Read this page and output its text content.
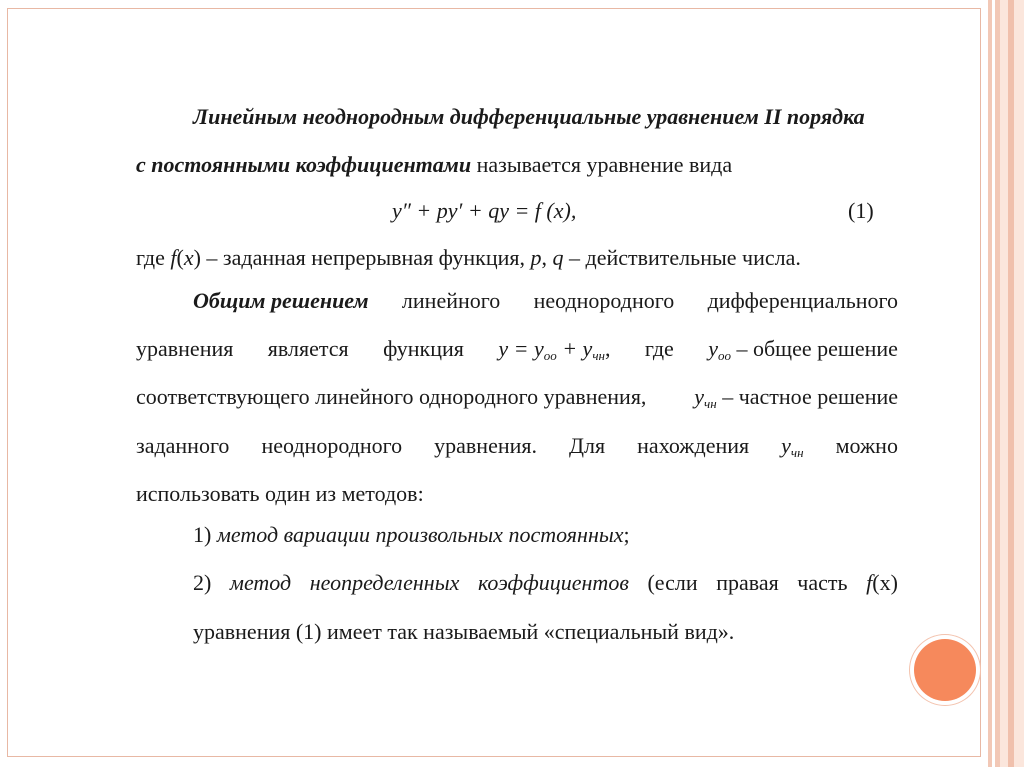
Линейным неоднородным дифференциальные уравнением II порядка
с постоянными коэффициентами называется уравнение вида
y″ + py′ + qy = f (x),	(1)
где f(x) – заданная непрерывная функция, p, q – действительные числа.
Общим решением линейного неоднородного дифференциального
уравнения является функция $y = y_{оо} + y_{чн}$, где $y_{оо}$ – общее решение
соответствующего линейного однородного уравнения, $y_{чн}$ – частное решение
заданного неоднородного уравнения. Для нахождения $y_{чн}$ можно
использовать один из методов:
1) метод вариации произвольных постоянных;
2) метод неопределенных коэффициентов (если правая часть f(x)
уравнения (1) имеет так называемый «специальный вид».
